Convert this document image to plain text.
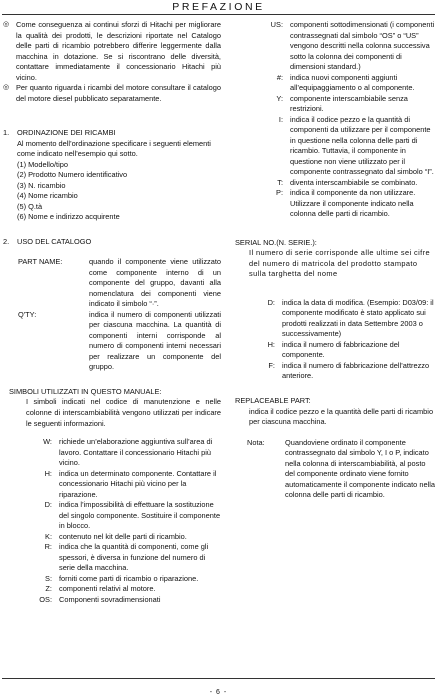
PREFAZIONE
◎ Come conseguenza ai continui sforzi di Hitachi per migliorare la qualità dei prodotti, le descrizioni riportate nel Catalogo delle parti di ricambio potrebbero differire leggermente dalla macchina in dotazione. Se si riscontrano delle diversità, contattare immediatamente il concessionario Hitachi più vicino.

◎ Per quanto riguarda i ricambi del motore consultare il catalogo del motore diesel pubblicato separatamente.

1.	ORDINAZIONE DEI RICAMBI

Al momento dell’ordinazione specificare i seguenti elementi come indicato nell’esempio qui sotto.

(1) Modello/tipo
(2) Prodotto Numero identificativo
(3) N. ricambio
(4) Nome ricambio
(5) Q.tà
(6) Nome e indirizzo acquirente
2.	USO DEL CATALOGO
PART NAME:	quando il componente viene utilizzato come componente interno di un componente del gruppo, davanti alla nomenclatura dei componenti viene indicato il simbolo “·”.

Q'TY:	indica il numero di componenti utilizzati per ciascuna macchina. La quantità di componenti interni corrisponde al numero di componenti interni necessari per realizzare un componente del gruppo.

SIMBOLI UTILIZZATI IN QUESTO MANUALE:

I simboli indicati nel codice di manutenzione e nelle colonne di interscambiabilità vengono utilizzati per indicare le seguenti informazioni.

W: richiede un’elaborazione aggiuntiva sull’area di lavoro. Contattare il concessionario Hitachi più vicino.

H: indica un determinato componente. Contattare il concessionario Hitachi più vicino per la riparazione.

D: indica l’impossibilità di effettuare la sostituzione del singolo componente. Sostituire il componente in blocco.

K: contenuto nel kit delle parti di ricambio.

R: indica che la quantità di componenti, come gli spessori, è diversa in funzione del numero di serie della macchina.

S: forniti come parti di ricambio o riparazione.

Z: componenti relativi al motore.

OS: Componenti sovradimensionati

US: componenti sottodimensionati (i componenti contrassegnati dal simbolo “OS” o “US” vengono descritti nella colonna successiva sotto la colonna dei componenti di dimensioni standard.)

#: indica nuovi componenti aggiunti all’equipaggiamento o al componente.

Y: componente interscambiabile senza restrizioni.

I: indica il codice pezzo e la quantità di componenti da utilizzare per il componente in questione nella colonna delle parti di ricambio. Tuttavia, il componente in questione non viene utilizzato per il componente contrassegnato dal simbolo “I”.

T: diventa interscambiabile se combinato.

P: indica il componente da non utilizzare. Utilizzare il componente indicato nella colonna delle parti di ricambio.

SERIAL NO.(N. SERIE.):

Il numero di serie corrisponde alle ultime sei cifre del numero di matricola del prodotto stampato sulla targhetta del nome

D: indica la data di modifica. (Esempio: D03/09: il componente modificato è stato applicato sui prodotti realizzati in data Settembre 2003 o successivamente)

H: indica il numero di fabbricazione del componente.

F: indica il numero di fabbricazione dell’attrezzo anteriore.

REPLACEABLE PART:

indica il codice pezzo e la quantità delle parti di ricambio per ciascuna macchina.

Nota:	Quandoviene ordinato il componente contrassegnato dal simbolo Y, I o P, indicato nella colonna di interscambiabilità, al posto del componente ordinato viene fornito automaticamente il componente indicato nella colonna delle parti di ricambio.

- 6 -
